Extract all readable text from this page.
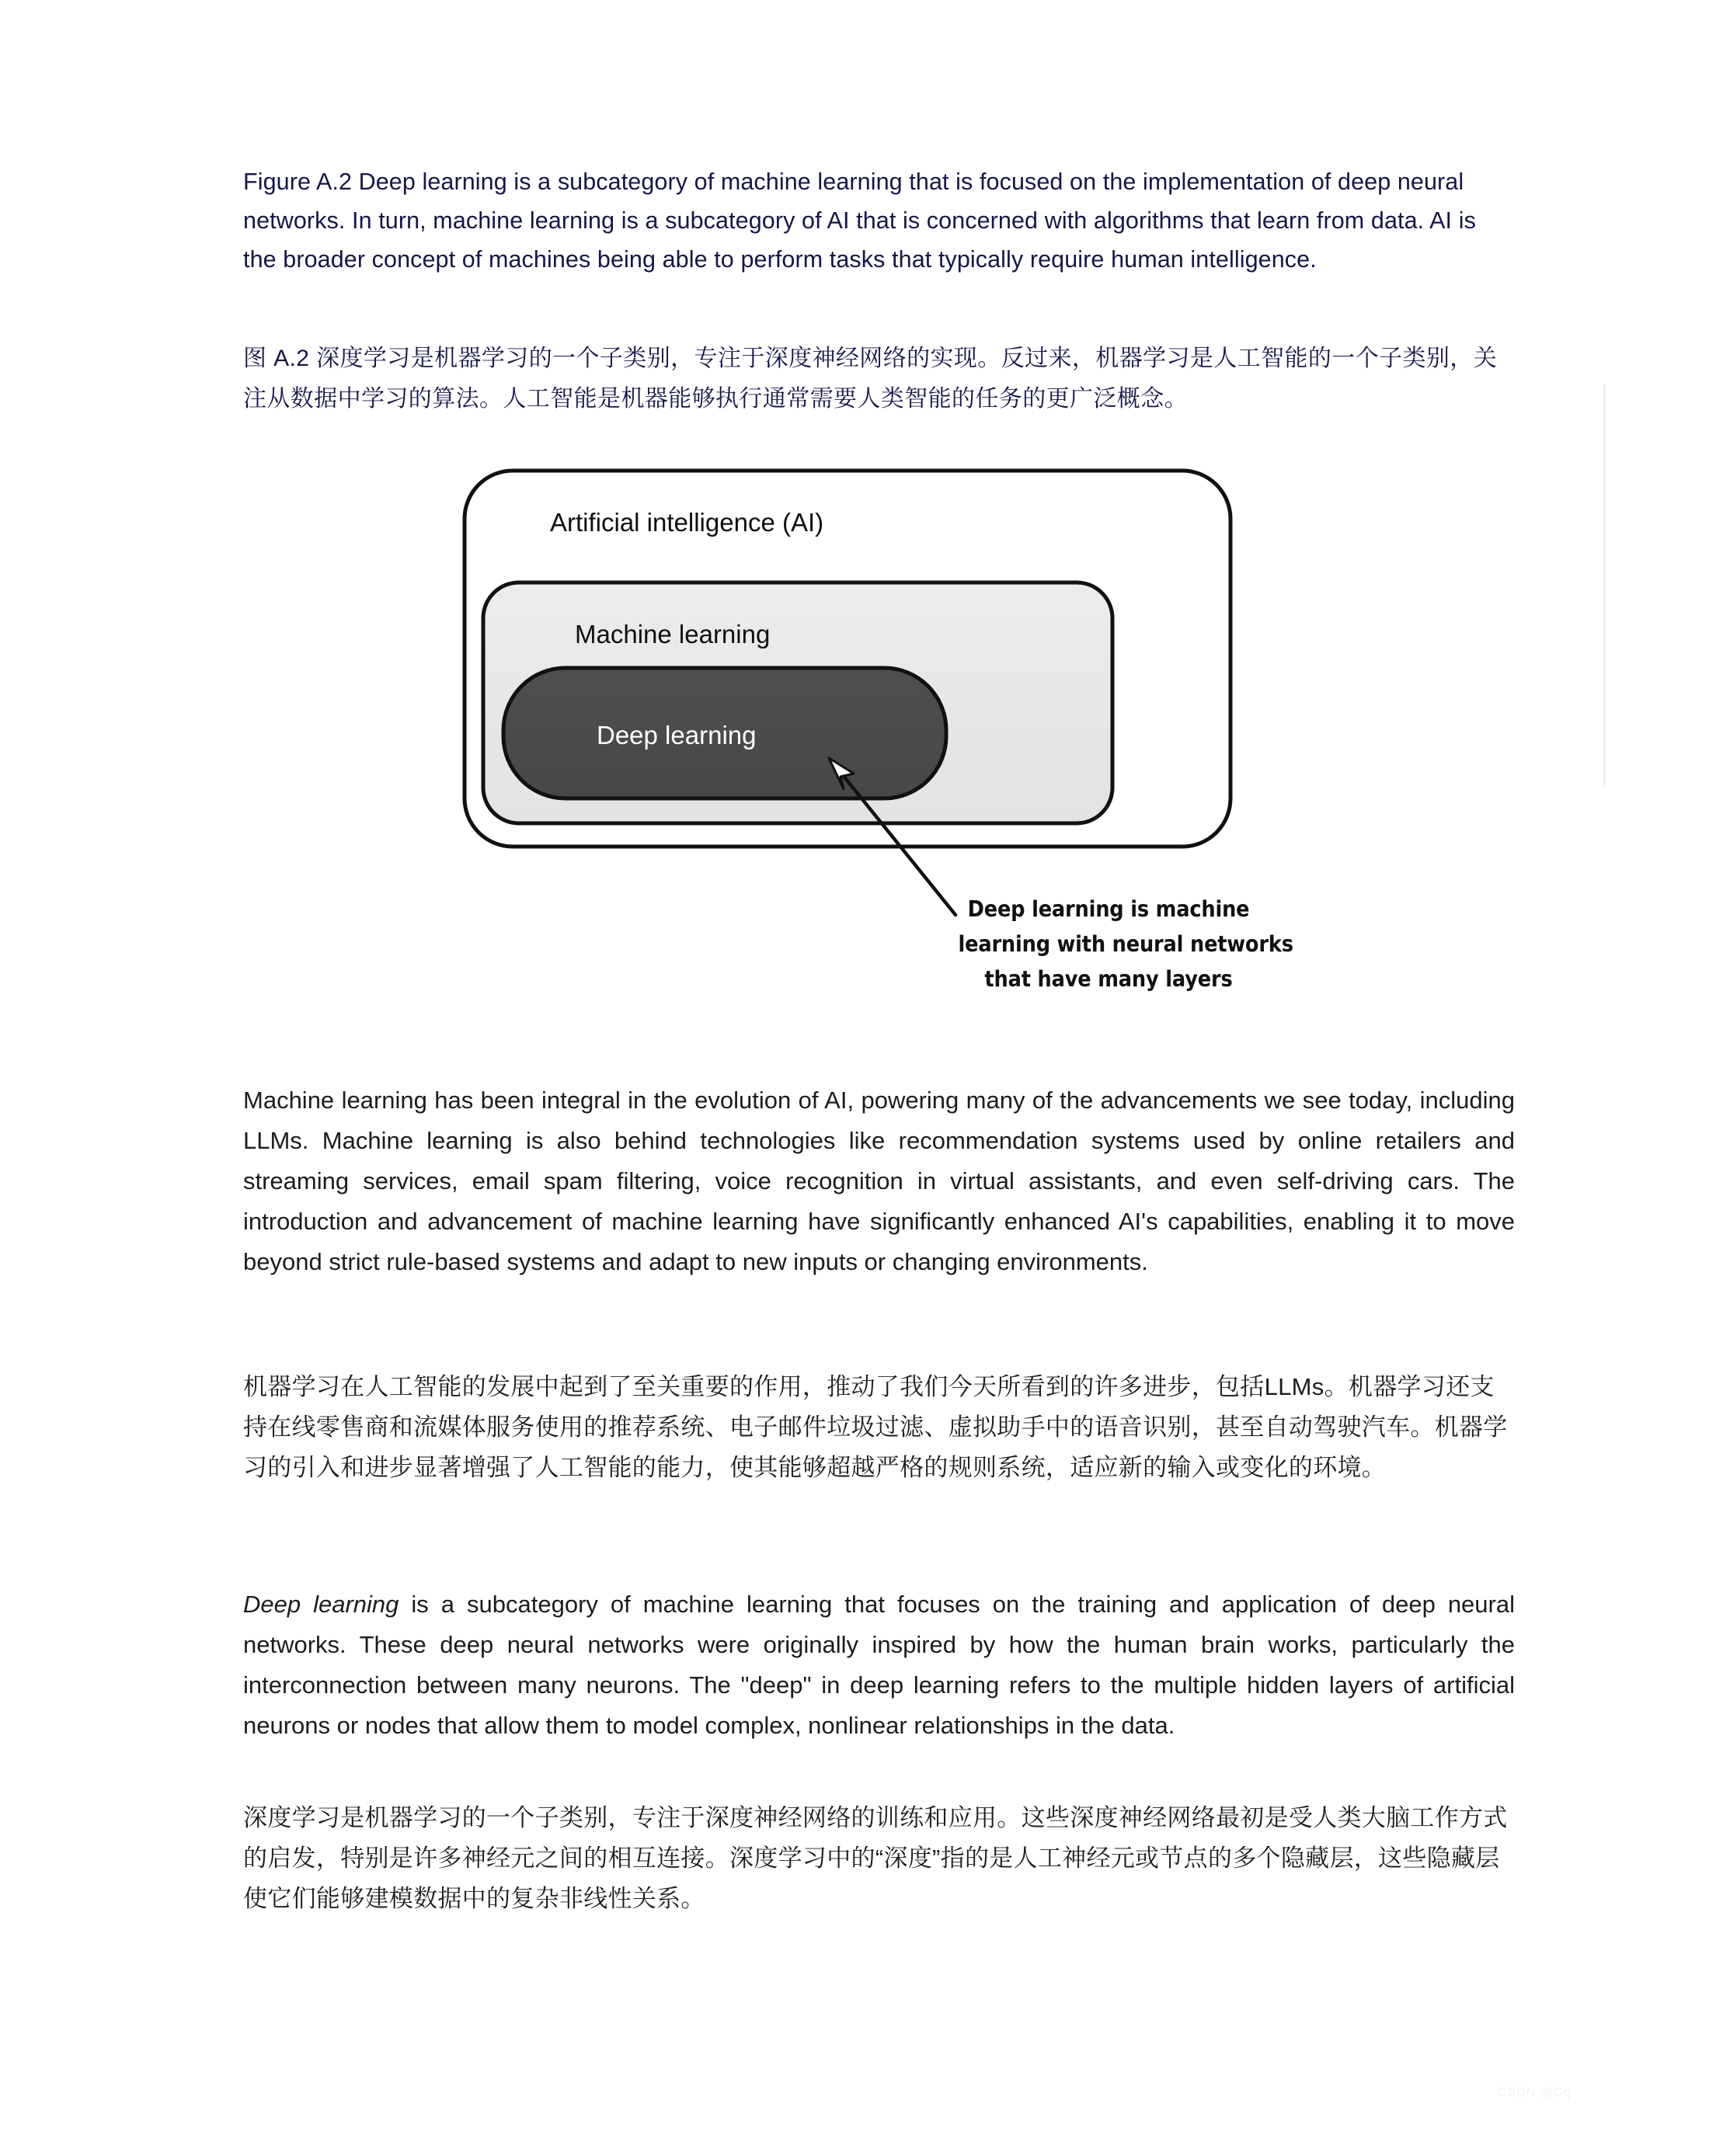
Figure A.2 Deep learning is a subcategory of machine learning that is focused on the implementation of deep neural networks. In turn, machine learning is a subcategory of AI that is concerned with algorithms that learn from data. AI is the broader concept of machines being able to perform tasks that typically require human intelligence.
图 A.2 深度学习是机器学习的一个子类别，专注于深度神经网络的实现。反过来，机器学习是人工智能的一个子类别，关注从数据中学习的算法。人工智能是机器能够执行通常需要人类智能的任务的更广泛概念。
Machine learning has been integral in the evolution of AI, powering many of the advancements we see today, including LLMs. Machine learning is also behind technologies like recommendation systems used by online retailers and streaming services, email spam filtering, voice recognition in virtual assistants, and even self-driving cars. The introduction and advancement of machine learning have significantly enhanced AI's capabilities, enabling it to move beyond strict rule-based systems and adapt to new inputs or changing environments.
机器学习在人工智能的发展中起到了至关重要的作用，推动了我们今天所看到的许多进步，包括LLMs。机器学习还支持在线零售商和流媒体服务使用的推荐系统、电子邮件垃圾过滤、虚拟助手中的语音识别，甚至自动驾驶汽车。机器学习的引入和进步显著增强了人工智能的能力，使其能够超越严格的规则系统，适应新的输入或变化的环境。
Deep learning is a subcategory of machine learning that focuses on the training and application of deep neural networks. These deep neural networks were originally inspired by how the human brain works, particularly the interconnection between many neurons. The "deep" in deep learning refers to the multiple hidden layers of artificial neurons or nodes that allow them to model complex, nonlinear relationships in the data.
深度学习是机器学习的一个子类别，专注于深度神经网络的训练和应用。这些深度神经网络最初是受人类大脑工作方式的启发，特别是许多神经元之间的相互连接。深度学习中的“深度”指的是人工神经元或节点的多个隐藏层，这些隐藏层使它们能够建模数据中的复杂非线性关系。
Artificial intelligence (AI)
Machine learning
Deep learning
Deep learning is machine
learning with neural networks
that have many layers
CSDN @Cq
